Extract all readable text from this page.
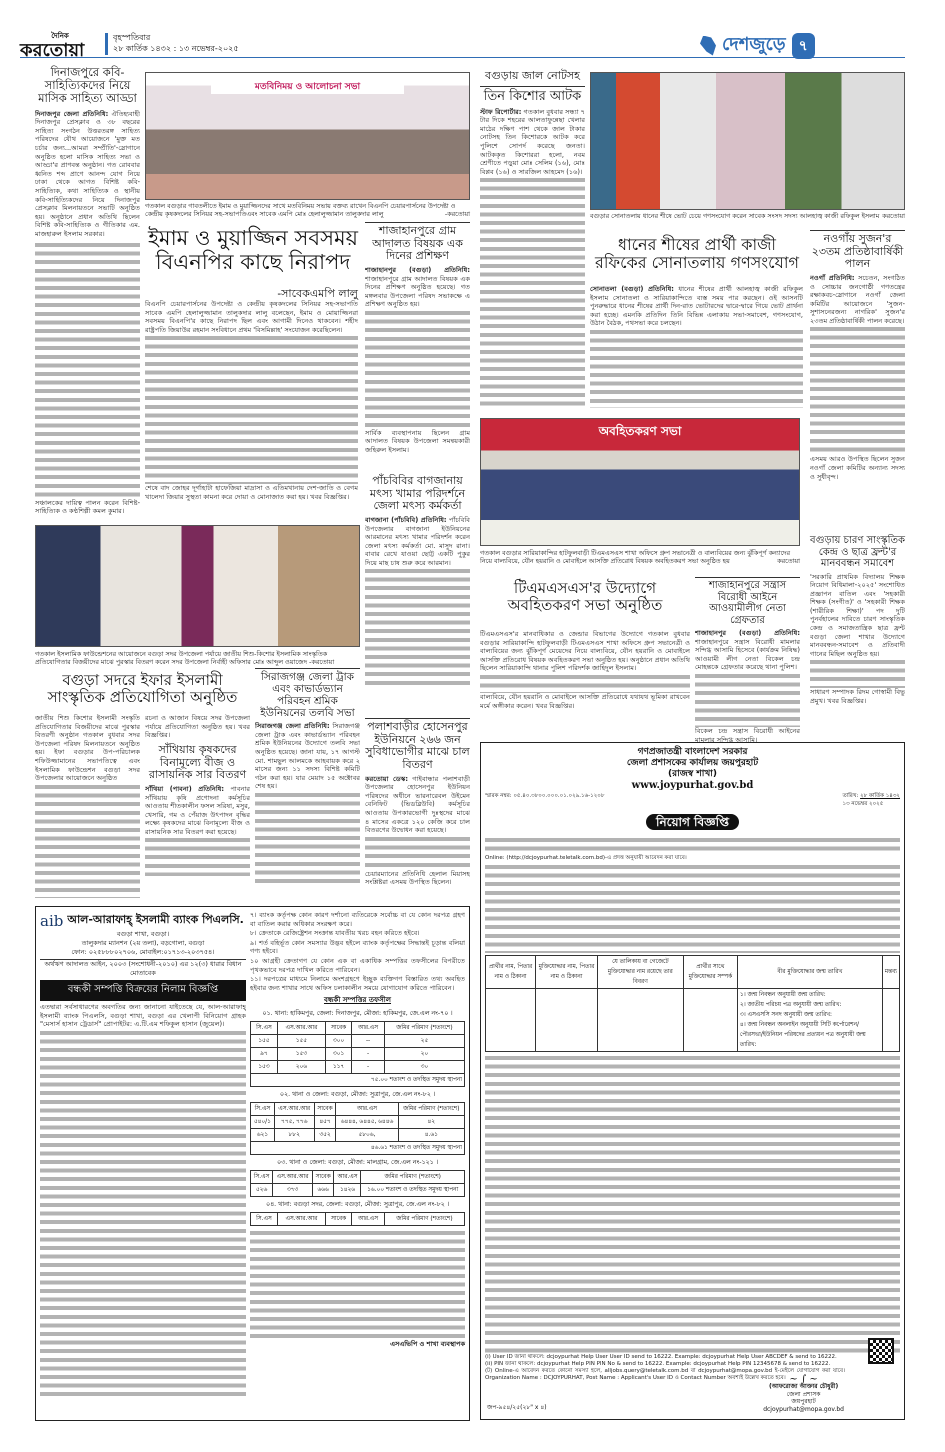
দৈনিক
করতোয়া
বৃহস্পতিবার
২৮ কার্তিক ১৪৩২ : ১৩ নভেম্বর-২০২৫	দেশজুড়ে ৭
দিনাজপুরে কবি-সাহিত্যিকদের নিয়ে মাসিক সাহিত্য আড্ডা
দিনাজপুর জেলা প্রতিনিধি: ঐতিহ্যবাহী দিনাজপুর প্রেসক্লাব ও ৩৮ বছরের সাহিত্য সংগঠন উত্তরতরঙ্গ সাহিত্য পরিষদের যৌথ আয়োজনে 'মুক্ত মত চর্চার জন্য...আমরা সম্প্রীতি'-স্লোগানে অনুষ্ঠিত হলো মাসিক সাহিত্য সভা ও আড্ডা'র প্রাণবন্ত অনুষ্ঠান। গত রোববার ধ্বনিত শব্দ প্রাণে আনন্দ যোগ নিয়ে ঢাকা থেকে আগত বিশিষ্ট কবি-সাহিত্যিক, কথা সাহিত্যিক ও স্থানীয় কবি-সাহিত্যিকদের নিয়ে দিনাজপুর প্রেসক্লাব মিলনায়তনে সভাটি অনুষ্ঠিত হয়। অনুষ্ঠানে প্রধান অতিথি ছিলেন বিশিষ্ট কবি-সাহিত্যিক ও গীতিকার এম. মাজহারুল ইসলাম সরকার।
সঞ্চালকের দায়িত্ব পালন করেন বিশিষ্ট-সাহিত্যিক ও কণ্ঠশিল্পী কমল কুমার।
মতবিনিময় ও আলোচনা সভা
গতকাল বগুড়ার গাবতলীতে ইমাম ও মুয়াজ্জিনদের সাথে মতবিনিময় সভায় বক্তব্য রাখেন বিএনপি চেয়ারপার্সনের উপদেষ্টা ও কেন্দ্রীয় কৃষকদলের সিনিয়র সহ-সভাপতিএবং সাবেক এমপি মোঃ হেলালুজ্জামান তালুকদার লালু	-করতোয়া
ইমাম ও মুয়াজ্জিন সবসময় বিএনপির কাছে নিরাপদ
-সাবেকএমপি লালু
বিএনপি চেয়ারপার্সনের উপদেষ্টা ও কেন্দ্রীয় কৃষকদলের সিনিয়র সহ-সভাপতি সাবেক এমপি হেলালুজ্জামান তালুকদার লালু বলেছেন, ইমাম ও মোয়াজ্জিনরা সবসময় বিএনপি'র কাছে নিরাপদ ছিল এবং আগামী দিনেও থাকবেন। শহীদ রাষ্ট্রপতি জিয়াউর রহমান সংবিধানে প্রথম 'বিসমিল্লাহ' সংযোজন করেছিলেন।
শেষে বাদ জোহর দূর্গাহাটা হাফেজিয়া মাদ্রাসা ও এতিমখানায় দেশ-জাতি ও বেগম খালেদা জিয়ার সুস্থতা কামনা করে দোয়া ও মোনাজাত করা হয়। খবর বিজ্ঞপ্তির।
শাজাহানপুরে গ্রাম আদালত বিষয়ক এক দিনের প্রশিক্ষণ
শাজাহানপুর (বগুড়া) প্রতিনিধি: শাজাহানপুরে গ্রাম আদালত বিষয়ক এক দিনের প্রশিক্ষণ অনুষ্ঠিত হয়েছে। গত মঙ্গলবার উপজেলা পরিষদ সভাকক্ষে এ প্রশিক্ষণ অনুষ্ঠিত হয়।
সার্বিক ব্যবস্থাপনায় ছিলেন গ্রাম আদালত বিষয়ক উপজেলা সমন্বয়কারী জহিরুল ইসলাম।
পাঁচবিবির বাগজানায় মৎস্য খামার পরিদর্শনে জেলা মৎস্য কর্মকর্তা
বাগজানা (পাঁচবিবি) প্রতিনিধি: পাঁচবিবি উপজেলার বাগজানা ইউনিয়নের আরমানের মৎস্য খামার পরিদর্শন করেন জেলা মৎস্য কর্মকর্তা মো. মাসুদ রানা। বাবার রেখে যাওয়া ছোট্ট একটি পুকুর দিয়ে মাছ চাষ শুরু করে আরমান।
পলাশবাড়ীর হোসেনপুর ইউনিয়নে ২৬৬ জন সুবিধাভোগীর মাঝে চাল বিতরণ
করতোয়া ডেস্ক: গাইবান্ধার পলাশবাড়ী উপজেলার হোসেনপুর ইউনিয়ন পরিষদের অধীনে ভারনারেবল উইমেন বেনিফিট (ভিডব্লিউবি) কর্মসূচির আওতায় উপকারভোগী দুঃস্থদের মাঝে ৪ মাসের একত্রে ১২০ কেজি করে চাল বিতরণের উদ্বোধন করা হয়েছে।
চেয়ারম্যানের প্রতিনিধি হেলাল মিয়াসহ সংশ্লিষ্টরা এসময় উপস্থিত ছিলেন।
গতকাল ইসলামিক ফাউন্ডেশনের আয়োজনে বগুড়া সদর উপজেলা পর্যায়ে জাতীয় শিশু-কিশোর ইসলামিক সাংস্কৃতিক প্রতিযোগিতার বিজয়ীদের মাঝে পুরস্কার বিতরণ করেন সদর উপজেলা নির্বাহী অফিসার মোঃ আব্দুল ওয়াজেদ -করতোয়া
বগুড়া সদরে ইফার ইসলামী সাংস্কৃতিক প্রতিযোগিতা অনুষ্ঠিত
জাতীয় শিশু কিশোর ইসলামী সংস্কৃতি প্রতিযোগিতার বিজয়ীদের মাঝে পুরস্কার বিতরণী অনুষ্ঠান গতকাল বুধবার সদর উপজেলা পরিষদ মিলনায়তনে অনুষ্ঠিত হয়। ইফা বগুড়ার উপ-পরিচালক শফিউজ্জামানের সভাপতিত্বে এবং ইসলামিক ফাউন্ডেশন বগুড়া সদর উপজেলার আয়োজনে অনুষ্ঠিত
রচনা ও আজান বিষয়ে সদর উপজেলা পর্যায়ে প্রতিযোগিতা অনুষ্ঠিত হয়। খবর বিজ্ঞপ্তির।
সাঁথিয়ায় কৃষকদের বিনামূল্যে বীজ ও রাসায়নিক সার বিতরণ
সাঁথিয়া (পাবনা) প্রতিনিধি: পাবনার সাঁথিয়ায় কৃষি প্রণোদনা কর্মসূচির আওতায় শীতকালীন ফসল সরিষা, মসুর, খেসারি, গম ও পেঁয়াজ উৎপাদন বৃদ্ধির লক্ষ্যে কৃষকদের মাঝে বিনামূল্যে বীজ ও রাসায়নিক সার বিতরণ করা হয়েছে।
সিরাজগঞ্জ জেলা ট্রাক এবং কাভার্ডভ্যান পরিবহন শ্রমিক ইউনিয়নের তলবি সভা
সিরাজগঞ্জ জেলা প্রতিনিধি: সিরাজগঞ্জ জেলা ট্রাক এবং কাভার্ডভ্যান পরিবহন শ্রমিক ইউনিয়নের উদ্যোগে তলবি সভা অনুষ্ঠিত হয়েছে। জানা যায়, ১৭ আগস্ট মো. শামছুল আলমকে আহবায়ক করে ২ মাসের জন্য ১১ সদস্য বিশিষ্ট কমিটি গঠন করা হয়। যার মেয়াদ ১৫ অক্টোবর শেষ হয়।
বগুড়ায় জাল নোটসহ
তিন কিশোর আটক
স্টাফ রিপোর্টার: গতকাল বুধবার সন্ধ্যা ৭ টার দিকে শহরের আলতাফুন্নেছা খেলার মাঠের দক্ষিণ পাশ থেকে জাল টাকার নোটসহ তিন কিশোরকে আটক করে পুলিশে সোপর্দ করেছে জনতা। আটককৃত কিশোররা হলো, নবম শ্রেণীতে পড়ুয়া মোঃ সেলিম (১৬), মোঃ বিপ্লব (১৬) ও সারজিল আহমেদ (১৬)।
বগুড়ার সোনাতলায় ধানের শীষে ভোট চেয়ে গণসংযোগ করেন সাবেক সংসদ সদস্য আলহাজ্ব কাজী রফিকুল ইসলাম করতোয়া
ধানের শীষের প্রার্থী কাজী রফিকের সোনাতলায় গণসংযোগ
সোনাতলা (বগুড়া) প্রতিনিধি: ধানের শীষের প্রার্থী আলহাজ্ব কাজী রফিকুল ইসলাম সোনাতলা ও সারিয়াকান্দিতে ব্যস্ত সময় পার করছেন। ওই আসনটি পুনরুদ্ধারে ধানের শীষের প্রার্থী দিন-রাত ভোটারদের দ্বারে-দ্বারে গিয়ে ভোট প্রার্থনা করা হচ্ছে। এমনকি প্রতিদিন তিনি বিভিন্ন এলাকায় সভা-সমাবেশ, গণসংযোগ, উঠান বৈঠক, পথসভা করে চলছেন।
নওগাঁয় সুজন'র ২৩তম প্রতিষ্ঠাবার্ষিকী পালন
নওগাঁ প্রতিনিধি: সচেতন, সংগঠিত ও সোচ্চার জনগোষ্ঠী গণতন্ত্রের রক্ষাকবচ-স্লোগানে নওগাঁ জেলা কমিটির আয়োজনে 'সুজন-সুশাসনেরজন্য নাগরিক' সুজন'র ২৩তম প্রতিষ্ঠাবার্ষিকী পালন করেছে।
এসময় আরও উপস্থিত ছিলেন সুজন নওগাঁ জেলা কমিটির অন্যান্য সদস্য ও সুধীবৃন্দ।
বগুড়ায় চারণ সাংস্কৃতিক কেন্দ্র ও ছাত্র ফ্রন্ট'র মানববন্ধন সমাবেশ
'সরকারি প্রাথমিক বিদ্যালয় শিক্ষক নিয়োগ বিধিমালা-২০২৫' সংশোধিত প্রজ্ঞাপন বাতিল এবং 'সহকারী শিক্ষক (সংগীত)' ও 'সহকারী শিক্ষক (শারীরিক শিক্ষা)' পদ দুটি পুনর্বহালের দাবিতে চারণ সাংস্কৃতিক কেন্দ্র ও সমাজতান্ত্রিক ছাত্র ফ্রন্ট বগুড়া জেলা শাখার উদ্যোগে মানববন্ধন-সমাবেশ ও প্রতিবাদী গানের মিছিল অনুষ্ঠিত হয়।
সাধারণ সম্পাদক রিদম গোস্বামী বিভু প্রমুখ। খবর বিজ্ঞপ্তির।
অবহিতকরণ সভা
গতকাল বগুড়ার সারিয়াকান্দির হাটফুলবাড়ী টিএমএসএস শাখা অফিসে গ্রুপ সভানেত্রী ও বাল্যবিয়ের জন্য ঝুঁকিপূর্ণ কন্যাদের নিয়ে বাল্যবিয়ে, যৌন হয়রানি ও মোবাইলে আসক্তি প্রতিরোধ বিষয়ক অবহিতকরণ সভা অনুষ্ঠিত হয়	করতোয়া
টিএমএসএস'র উদ্যোগে অবহিতকরণ সভা অনুষ্ঠিত
টিএমএসএস'র মানবাধিকার ও জেন্ডার বিভাগের উদ্যোগে গতকাল বুধবার বগুড়ার সারিয়াকান্দি হাটফুলবাড়ী টিএমএসএস শাখা অফিসে গ্রুপ সভানেত্রী ও বাল্যবিয়ের জন্য ঝুঁকিপূর্ণ মেয়েদের নিয়ে বাল্যবিয়ে, যৌন হয়রানি ও মোবাইলে আসক্তি প্রতিরোধ বিষয়ক অবহিতকরণ সভা অনুষ্ঠিত হয়। অনুষ্ঠানে প্রধান অতিথি ছিলেন সারিয়াকান্দি থানার পুলিশ পরিদর্শক জাহিদুল ইসলাম।
বাল্যবিয়ে, যৌন হয়রানি ও মোবাইলে আসক্তি প্রতিরোধে যথাযথ ভূমিকা রাখবেন মর্মে অঙ্গীকার করেন। খবর বিজ্ঞপ্তির।
শাজাহানপুরে সন্ত্রাস বিরোধী আইনে আওয়ামীলীগ নেতা গ্রেফতার
শাজাহানপুর (বগুড়া) প্রতিনিধি: শাজাহানপুরে সন্ত্রাস বিরোধী মামলার সন্দিগ্ধ আসামি হিসেবে (কার্যক্রম নিষিদ্ধ) আওয়ামী লীগ নেতা বিকেল চন্দ্র মোহন্তকে গ্রেফতার করেছে থানা পুলিশ।
বিকেল চন্দ্র সন্ত্রাস বিরোধী আইনের মামলার সন্দিগ্ধ আসামি।
aib আল-আরাফাহ্ ইসলামী ব্যাংক পিএলসি.
বগুড়া শাখা, বগুড়া।
তালুকদার ম্যানশন (২য় তলা), বড়গোলা, বগুড়া
ফোন: ০২৫৮৮৮০২৭০৬, মোবাইল:০১৭১৩-২০৩৭৫৪।
অর্থঋণ আদালত আইন, ২০০৩ (সংশোধনী-২০১০) এর ১২(৩) ধারার বিধান মোতাবেক
বন্ধকী সম্পত্তি বিক্রয়ের নিলাম বিজ্ঞপ্তি
এতদ্বারা সর্বসাধারণের অবগতির জন্য জানানো যাইতেছে যে, আল-আরাফাহ্ ইসলামী ব্যাংক পিএলসি, বগুড়া শাখা, বগুড়া এর খেলাপী বিনিয়োগ গ্রাহক "মেসার্স হাসান ট্রেডার্স" প্রোপাইটর: এ.টি.এম শফিকুল হাসান (জুয়েল)।
৭। ব্যাংক কর্তৃপক্ষ কোন কারণ দর্শানো ব্যতিরেকে সর্বোচ্চ বা যে কোন দরপত্র গ্রহণ বা বাতিল করার অধিকার সংরক্ষণ করে।
৮। ক্রেতাকে রেজিষ্ট্রেশন সংক্রান্ত যাবতীয় খরচ বহন করিতে হইবে।
৯। শর্ত বহির্ভূত কোন সমস্যার উদ্ভব হইলে ব্যাংক কর্তৃপক্ষের সিদ্ধান্তই চূড়ান্ত বলিয়া গণ্য হইবে।
১০ আগ্রহী ক্রেতাগণ যে কোন এক বা একাধিক সম্পত্তির তফসীলের বিপরীতে পৃথকভাবে দরপত্র দাখিল করিতে পারিবেন।
১১। দরপত্রের মাধ্যমে নিলামে অংশগ্রহণে ইচ্ছুক ব্যক্তিগণ বিস্তারিত তথ্য অবহিত হইবার জন্য শাখার সাথে অফিস চলাকালীন সময়ে যোগাযোগ করিতে পারিবেন।
বন্ধকী সম্পত্তির তফসীল
০১. থানা: হাকিমপুর, জেলা: দিনাজপুর, মৌজা: হাকিমপুর, জে.এল নং-৭০ ।
সি.এস	এস.আর.আর	সাবেক	আর.এস	জমির পরিমাণ (শতাংশে)
১৫৫	১৫৫	৩০০	--	২৫
৯৭	১৫৩	৩০১	-	২০
১৫৩	২০৬	১১৭	-	৩০
৭৫.০০ শতাংশ ও তদস্থিত সমুদয় স্থাপনা				
০২. থানা ও জেলা: বগুড়া, মৌজা: সুত্রাপুর, জে.এল নং-৮২ ।
সি.এস	এস.আর.আর	সাবেক	আর.এস	জমির পরিমাণ (শতাংশে)
৫৪০/১	৭৭৫, ৭৭৬	৪৫৭	৬৪৪৪, ৬৪৪৫, ৬৪৪৬	৪২
৬২১	৮৮২	৩৫২	৫৮০৬,	৪.৬১
৪৬.৬১ শতাংশ ও তদস্থিত সমুদয় স্থাপনা				
০৩. থানা ও জেলা: বগুড়া, মৌজা: মালগ্রাম, জে.এল নং-১২১ ।
সি.এস	এস.আর.আর	সাবেক	আর.এস	জমির পরিমাণ (শতাংশে)
৫২৬	৩৭৩	৬৬৬	১৪২৬	১৬.০০ শতাংশ ও তদস্থিত সমুদয় স্থাপনা
০৪. থানা: বগুড়া সদর, জেলা: বগুড়া, মৌজা: সুত্রাপুর, জে.এল নং-৮২ ।
সি.এস	এস.আর.আর	সাবেক	আর.এস	জমির পরিমাণ (শতাংশে)
এসএভিপি ও শাখা ব্যবস্থাপক
গণপ্রজাতন্ত্রী বাংলাদেশ সরকার
জেলা প্রশাসকের কার্যালয় জয়পুরহাট
(রাজস্ব শাখা)
www.joypurhat.gov.bd
স্মারক নম্বর: ০৫.৪০.৩৮০০.০০০.০১.০২৯.১৬-১২০৮	তারিখ: ২৮ কার্তিক ১৪৩২
১৩ নভেম্বর ২০২৫
নিয়োগ বিজ্ঞপ্তি
Online: (http://dcjoypurhat.teletalk.com.bd)-এ প্রদত্ত অনুযায়ী আবেদন করা যাবে।
প্রার্থীর নাম, পিতার নাম ও ঠিকানা	মুক্তিযোদ্ধার নাম, পিতার নাম ও ঠিকানা	যে তালিকায় বা গেজেটে মুক্তিযোদ্ধার নাম রয়েছে তার বিবরণ	প্রার্থীর সাথে মুক্তিযোদ্ধার সম্পর্ক	বীর মুক্তিযোদ্ধার জন্ম তারিখ	মন্তব্য

				১। জন্ম নিবন্ধন অনুযায়ী জন্ম তারিখ:
২। জাতীয় পরিচয় পত্র অনুযায়ী জন্ম তারিখ:
৩। এসএসসি সনদ অনুযায়ী জন্ম তারিখ:
৪। জন্ম নিবন্ধন অনলাইন অনুযায়ী সিটি কর্পোরেশন/পৌরসভা/ইউনিয়ন পরিষদের প্রত্যয়ন পত্র অনুযায়ী জন্ম তারিখ:	

(i) User ID জানা থাকলে: dcjoypurhat Help User User ID send to 16222. Example: dcjoypurhat Help User ABCDEF & send to 16222.
(ii) PIN জানা থাকলে: dcjoypurhat Help PIN PIN No & send to 16222. Example: dcjoypurhat Help PIN 12345678 & send to 16222.
(ট) Online-এ আবেদন করতে কোনো সমস্যা হলে, alljobs.query@teletalk.com.bd বা dcjoypurhat@mopa.gov.bd ই-মেইলে যোগাযোগ করা যাবে। Organization Name : DCJOYPURHAT, Post Name : Applicant's User ID ও Contact Number অবশ্যই উল্লেখ করতে হবে। ~ ∫ ~
(আফরোজা আক্তার চৌধুরী)
জেলা প্রশাসক
জয়পুরহাট
dcjoypurhat@mopa.gov.bd
জপ-৯৫৪/২৫(২৮" x ৪)
